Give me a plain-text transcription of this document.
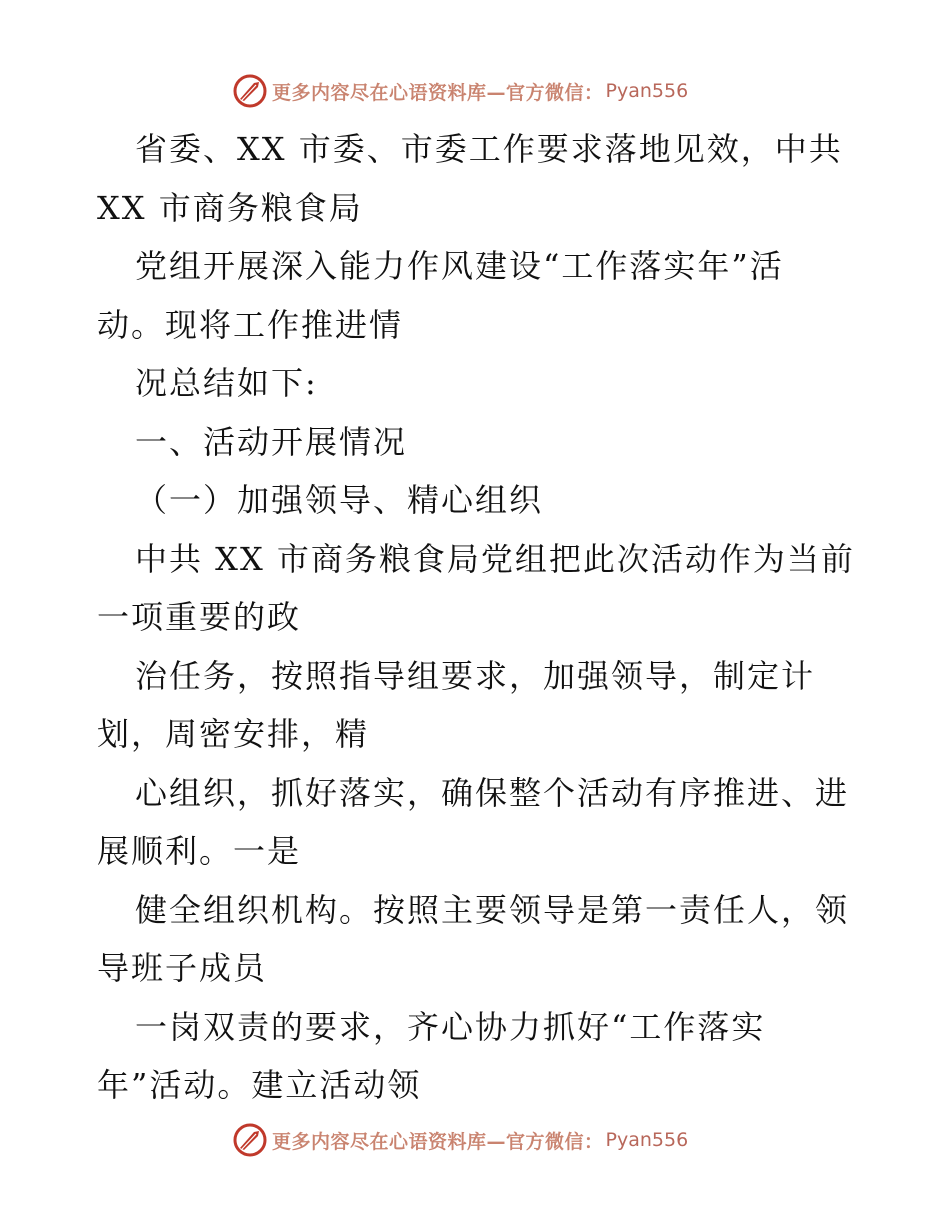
更多内容尽在心语资料库—官方微信： Pyan556
省委、XX 市委、市委工作要求落地见效，中共
XX 市商务粮食局
党组开展深入能力作风建设“工作落实年”活
动。现将工作推进情
况总结如下:
一、活动开展情况
（一）加强领导、精心组织
中共 XX 市商务粮食局党组把此次活动作为当前
一项重要的政
治任务，按照指导组要求，加强领导，制定计
划，周密安排，精
心组织，抓好落实，确保整个活动有序推进、进
展顺利。一是
健全组织机构。按照主要领导是第一责任人，领
导班子成员
一岗双责的要求，齐心协力抓好“工作落实
年”活动。建立活动领
更多内容尽在心语资料库—官方微信： Pyan556
